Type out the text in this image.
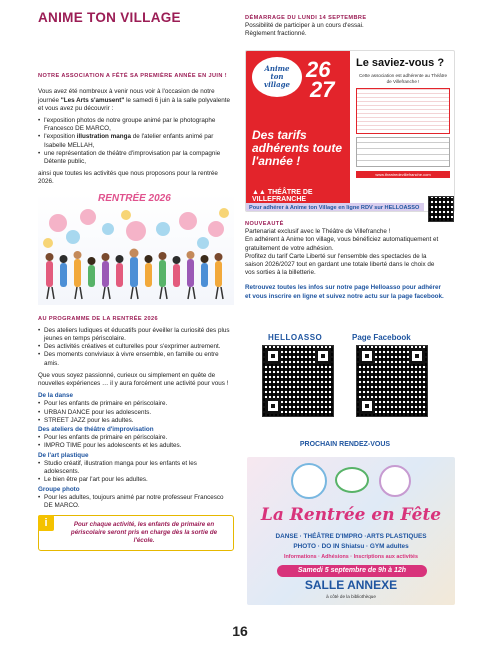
ANIME TON VILLAGE
NOTRE ASSOCIATION A FÊTÉ SA PREMIÈRE ANNÉE EN JUIN !

Vous avez été nombreux à venir nous voir à l'occasion de notre journée "Les Arts s'amusent" le samedi 6 juin à la salle polyvalente et vous avez pu découvrir :

• l'exposition photos de notre groupe animé par le photographe Francesco DE MARCO,
• l'exposition illustration manga de l'atelier enfants animé par Isabelle MELLAH,
• une représentation de théâtre d'improvisation par la compagnie Détente public,

ainsi que toutes les activités que nous proposons pour la rentrée 2026.

RENTRÉE 2026
AU PROGRAMME DE LA RENTRÉE 2026
• Des ateliers ludiques et éducatifs pour éveiller la curiosité des plus jeunes en temps périscolaire.
• Des activités créatives et culturelles pour s'exprimer autrement.
• Des moments conviviaux à vivre ensemble, en famille ou entre amis.

Que vous soyez passionné, curieux ou simplement en quête de nouvelles expériences … il y aura forcément une activité pour vous !

De la danse
• Pour les enfants de primaire en périscolaire.
• URBAN DANCE pour les adolescents.
• STREET JAZZ pour les adultes.
Des ateliers de théâtre d'improvisation
• Pour les enfants de primaire en périscolaire.
• IMPRO TIME pour les adolescents et les adultes.
De l'art plastique
• Studio créatif, illustration manga pour les enfants et les adolescents.
• Le bien être par l'art pour les adultes.
Groupe photo
• Pour les adultes, toujours animé par notre professeur Francesco DE MARCO.
i	Pour chaque activité, les enfants de primaire en périscolaire seront pris en charge dès la sortie de l'école.
DÉMARRAGE DU LUNDI 14 SEPTEMBRE
Possibilité de participer à un cours d'essai.
Règlement fractionné.
Anime ton village
26
27
Des tarifs adhérents toute l'année !
▲▲ THÉÂTRE DE VILLEFRANCHE
Le saviez-vous ?
Cette association est adhérente au Théâtre de Villefranche !
www.theatredevillefranche.com
Pour adhérer à Anime ton Village en ligne RDV sur HELLOASSO
NOUVEAUTÉ

Partenariat exclusif avec le Théâtre de Villefranche !

En adhérent à Anime ton village, vous bénéficiez automatiquement et gratuitement de votre adhésion.

Profitez du tarif Carte Liberté sur l'ensemble des spectacles de la saison 2026/2027 tout en gardant une totale liberté dans le choix de vos sorties à la billetterie.

Retrouvez toutes les infos sur notre page Helloasso pour adhérer et vous inscrire en ligne et suivez notre actu sur la page facebook.

HELLOASSO	Page Facebook
PROCHAIN RENDEZ-VOUS
La Rentrée en Fête
DANSE · THÉÂTRE D'IMPRO ·ARTS PLASTIQUES
PHOTO · DO IN Shiatsu · GYM adultes
Informations · Adhésions · Inscriptions aux activités
Samedi 5 septembre de 9h à 12h
SALLE ANNEXE
à côté de la bibliothèque
16
